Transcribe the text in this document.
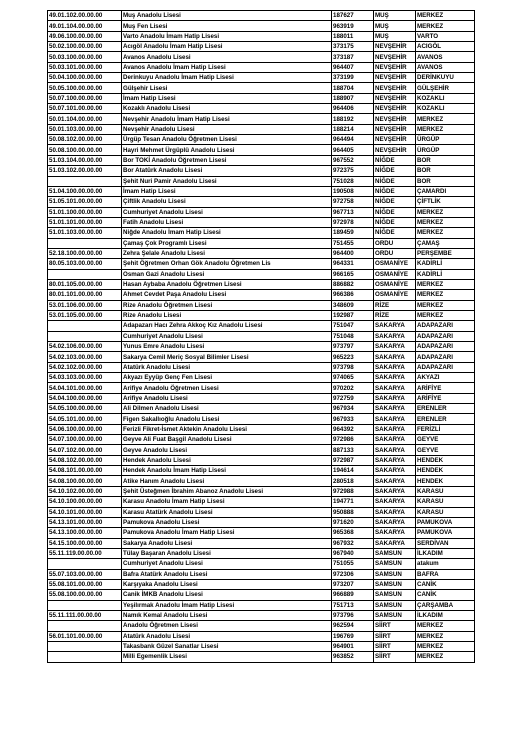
49.01.102.00.00.00	Muş Anadolu Lisesi	187627	MUŞ	MERKEZ
49.01.104.00.00.00	Muş Fen Lisesi	963919	MUŞ	MERKEZ
49.06.100.00.00.00	Varto Anadolu İmam Hatip Lisesi	188011	MUŞ	VARTO
50.02.100.00.00.00	Acıgöl Anadolu İmam Hatip Lisesi	373175	NEVŞEHİR	ACIGÖL
50.03.100.00.00.00	Avanos Anadolu Lisesi	373187	NEVŞEHİR	AVANOS
50.03.101.00.00.00	Avanos Anadolu İmam Hatip Lisesi	964407	NEVŞEHİR	AVANOS
50.04.100.00.00.00	Derinkuyu Anadolu İmam Hatip Lisesi	373199	NEVŞEHİR	DERİNKUYU
50.05.100.00.00.00	Gülşehir Lisesi	188704	NEVŞEHİR	GÜLŞEHİR
50.07.100.00.00.00	İmam Hatip Lisesi	188907	NEVŞEHİR	KOZAKLI
50.07.101.00.00.00	Kozaklı Anadolu Lisesi	964406	NEVŞEHİR	KOZAKLI
50.01.104.00.00.00	Nevşehir Anadolu İmam Hatip Lisesi	188192	NEVŞEHİR	MERKEZ
50.01.103.00.00.00	Nevşehir Anadolu Lisesi	188214	NEVŞEHİR	MERKEZ
50.08.102.00.00.00	Ürgüp Tesan Anadolu Öğretmen Lisesi	964494	NEVŞEHİR	ÜRGÜP
50.08.100.00.00.00	Hayri Mehmet Ürgüplü Anadolu Lisesi	964405	NEVŞEHİR	ÜRGÜP
51.03.104.00.00.00	Bor TOKİ Anadolu Öğretmen Lisesi	967552	NİĞDE	BOR
51.03.102.00.00.00	Bor Atatürk Anadolu Lisesi	972375	NİĞDE	BOR
	Şehit Nuri Pamir Anadolu Lisesi	751028	NİĞDE	BOR
51.04.100.00.00.00	İmam Hatip Lisesi	190508	NİĞDE	ÇAMARDI
51.05.101.00.00.00	Çiftlik Anadolu Lisesi	972758	NİĞDE	ÇİFTLİK
51.01.100.00.00.00	Cumhuriyet Anadolu Lisesi	967713	NİĞDE	MERKEZ
51.01.101.00.00.00	Fatih Anadolu Lisesi	972978	NİĞDE	MERKEZ
51.01.103.00.00.00	Niğde Anadolu İmam Hatip Lisesi	189459	NİĞDE	MERKEZ
	Çamaş Çok Programlı Lisesi	751455	ORDU	ÇAMAŞ
52.18.100.00.00.00	Zehra Şelale Anadolu Lisesi	964400	ORDU	PERŞEMBE
80.05.103.00.00.00	Şehit Öğretmen Orhan Gök Anadolu Öğretmen Lis	964331	OSMANİYE	KADİRLİ
	Osman Gazi Anadolu Lisesi	966165	OSMANİYE	KADİRLİ
80.01.105.00.00.00	Hasan Aybaba Anadolu Öğretmen Lisesi	886882	OSMANİYE	MERKEZ
80.01.101.00.00.00	Ahmet Cevdet Paşa Anadolu Lisesi	966386	OSMANİYE	MERKEZ
53.01.106.00.00.00	Rize Anadolu Öğretmen Lisesi	348609	RİZE	MERKEZ
53.01.105.00.00.00	Rize Anadolu Lisesi	192987	RİZE	MERKEZ
	Adapazarı Hacı Zehra Akkoç Kız Anadolu Lisesi	751047	SAKARYA	ADAPAZARI
	Cumhuriyet Anadolu Lisesi	751048	SAKARYA	ADAPAZARI
54.02.106.00.00.00	Yunus Emre Anadolu Lisesi	973797	SAKARYA	ADAPAZARI
54.02.103.00.00.00	Sakarya Cemil Meriç Sosyal Bilimler Lisesi	965223	SAKARYA	ADAPAZARI
54.02.102.00.00.00	Atatürk Anadolu Lisesi	973798	SAKARYA	ADAPAZARI
54.03.103.00.00.00	Akyazı Eyyüp Genç Fen Lisesi	974065	SAKARYA	AKYAZI
54.04.101.00.00.00	Arifiye Anadolu Öğretmen Lisesi	970202	SAKARYA	ARİFİYE
54.04.100.00.00.00	Arifiye Anadolu Lisesi	972759	SAKARYA	ARİFİYE
54.05.100.00.00.00	Ali Dilmen Anadolu Lisesi	967934	SAKARYA	ERENLER
54.05.101.00.00.00	Figen Sakallıoğlu Anadolu Lisesi	967933	SAKARYA	ERENLER
54.06.100.00.00.00	Ferizli Fikret-İsmet Aktekin Anadolu Lisesi	964392	SAKARYA	FERİZLİ
54.07.100.00.00.00	Geyve Ali Fuat Başgil Anadolu Lisesi	972986	SAKARYA	GEYVE
54.07.102.00.00.00	Geyve Anadolu Lisesi	887133	SAKARYA	GEYVE
54.08.102.00.00.00	Hendek Anadolu Lisesi	972987	SAKARYA	HENDEK
54.08.101.00.00.00	Hendek Anadolu İmam Hatip Lisesi	194614	SAKARYA	HENDEK
54.08.100.00.00.00	Atike Hanım Anadolu Lisesi	280518	SAKARYA	HENDEK
54.10.102.00.00.00	Şehit Üsteğmen İbrahim Abanoz Anadolu Lisesi	972988	SAKARYA	KARASU
54.10.100.00.00.00	Karasu Anadolu İmam Hatip Lisesi	194771	SAKARYA	KARASU
54.10.101.00.00.00	Karasu Atatürk Anadolu Lisesi	950888	SAKARYA	KARASU
54.13.101.00.00.00	Pamukova Anadolu Lisesi	971620	SAKARYA	PAMUKOVA
54.13.100.00.00.00	Pamukova Anadolu İmam Hatip Lisesi	965368	SAKARYA	PAMUKOVA
54.15.100.00.00.00	Sakarya Anadolu Lisesi	967932	SAKARYA	SERDİVAN
55.11.119.00.00.00	Tülay Başaran Anadolu Lisesi	967940	SAMSUN	İLKADIM
	Cumhuriyet Anadolu Lisesi	751055	SAMSUN	atakum
55.07.103.00.00.00	Bafra Atatürk Anadolu Lisesi	972306	SAMSUN	BAFRA
55.08.101.00.00.00	Karşıyaka Anadolu Lisesi	973207	SAMSUN	CANİK
55.08.100.00.00.00	Canik İMKB Anadolu Lisesi	966889	SAMSUN	CANİK
	Yeşilırmak Anadolu İmam Hatip Lisesi	751713	SAMSUN	ÇARŞAMBA
55.11.111.00.00.00	Namık Kemal Anadolu Lisesi	973796	SAMSUN	İLKADIM
	Anadolu Öğretmen Lisesi	962594	SİİRT	MERKEZ
56.01.101.00.00.00	Atatürk Anadolu Lisesi	196769	SİİRT	MERKEZ
	Takasbank Güzel Sanatlar Lisesi	964901	SİİRT	MERKEZ
	Milli Egemenlik Lisesi	963852	SİİRT	MERKEZ
